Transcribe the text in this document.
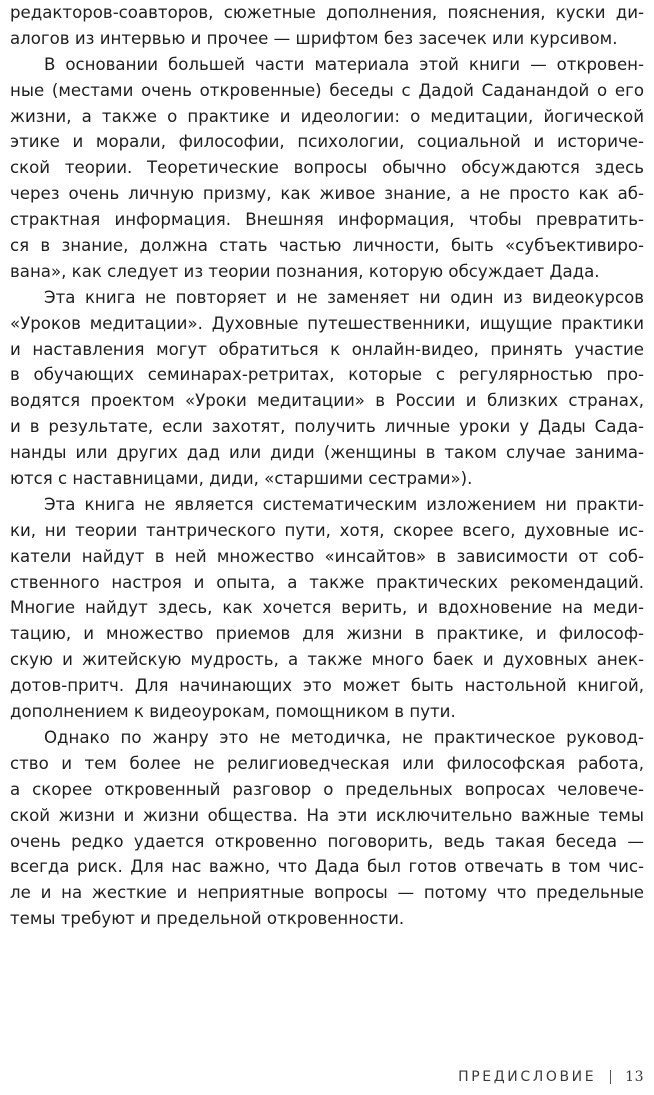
редакторов-соавторов, сюжетные дополнения, пояснения, куски ди-
алогов из интервью и прочее — шрифтом без засечек или курсивом.
В основании большей части материала этой книги — откровен-
ные (местами очень откровенные) беседы с Дадой Саданандой о его
жизни, а также о практике и идеологии: о медитации, йогической
этике и морали, философии, психологии, социальной и историче-
ской теории. Теоретические вопросы обычно обсуждаются здесь
через очень личную призму, как живое знание, а не просто как аб-
страктная информация. Внешняя информация, чтобы превратить-
ся в знание, должна стать частью личности, быть «субъективиро-
вана», как следует из теории познания, которую обсуждает Дада.
Эта книга не повторяет и не заменяет ни один из видеокурсов
«Уроков медитации». Духовные путешественники, ищущие практики
и наставления могут обратиться к онлайн-видео, принять участие
в обучающих семинарах-ретритах, которые с регулярностью про-
водятся проектом «Уроки медитации» в России и близких странах,
и в результате, если захотят, получить личные уроки у Дады Сада-
нанды или других дад или диди (женщины в таком случае занима-
ются с наставницами, диди, «старшими сестрами»).
Эта книга не является систематическим изложением ни практи-
ки, ни теории тантрического пути, хотя, скорее всего, духовные ис-
катели найдут в ней множество «инсайтов» в зависимости от соб-
ственного настроя и опыта, а также практических рекомендаций.
Многие найдут здесь, как хочется верить, и вдохновение на меди-
тацию, и множество приемов для жизни в практике, и философ-
скую и житейскую мудрость, а также много баек и духовных анек-
дотов-притч. Для начинающих это может быть настольной книгой,
дополнением к видеоурокам, помощником в пути.
Однако по жанру это не методичка, не практическое руковод-
ство и тем более не религиоведческая или философская работа,
а скорее откровенный разговор о предельных вопросах человече-
ской жизни и жизни общества. На эти исключительно важные темы
очень редко удается откровенно поговорить, ведь такая беседа —
всегда риск. Для нас важно, что Дада был готов отвечать в том чис-
ле и на жесткие и неприятные вопросы — потому что предельные
темы требуют и предельной откровенности.
ПРЕДИСЛОВИЕ 13
